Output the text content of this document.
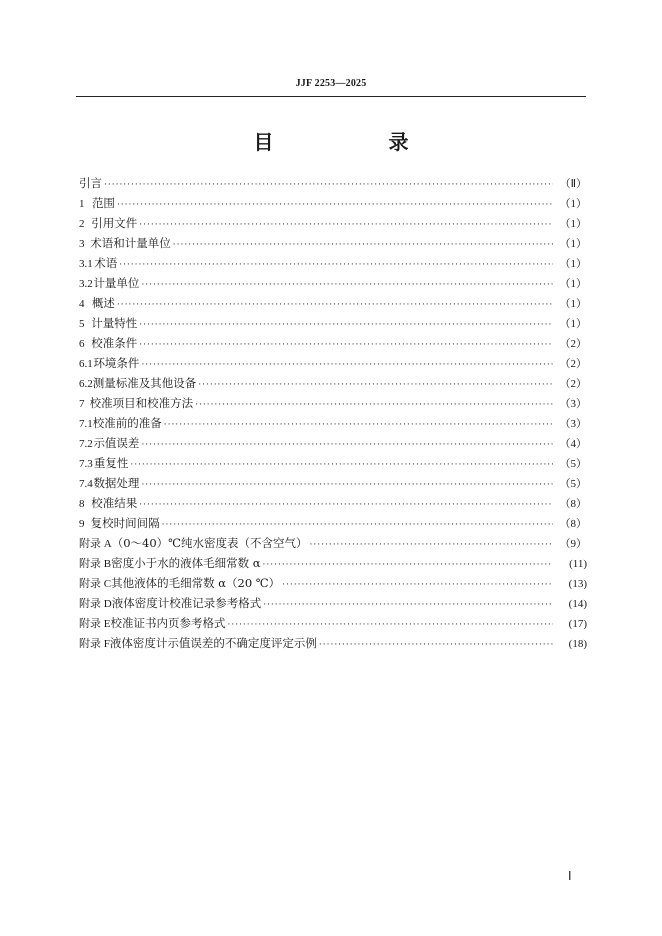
JJF 2253—2025
目 录
引言 ·····	（Ⅱ）
1 范围 ·····	（1）
2 引用文件 ·····	（1）
3 术语和计量单位 ·····	（1）
3.1 术语 ·····	（1）
3.2 计量单位 ·····	（1）
4 概述 ·····	（1）
5 计量特性 ·····	（1）
6 校准条件 ·····	（2）
6.1 环境条件 ·····	（2）
6.2 测量标准及其他设备 ·····	（2）
7 校准项目和校准方法 ·····	（3）
7.1 校准前的准备 ·····	（3）
7.2 示值误差 ·····	（4）
7.3 重复性 ·····	（5）
7.4 数据处理 ·····	（5）
8 校准结果 ·····	（8）
9 复校时间间隔 ·····	（8）
附录 A （0～40）℃纯水密度表（不含空气） ·····	（9）
附录 B 密度小于水的液体毛细常数 α ·····	(11)
附录 C 其他液体的毛细常数 α（20 ℃） ·····	(13)
附录 D 液体密度计校准记录参考格式 ·····	(14)
附录 E 校准证书内页参考格式 ·····	(17)
附录 F 液体密度计示值误差的不确定度评定示例 ·····	(18)
Ⅰ
